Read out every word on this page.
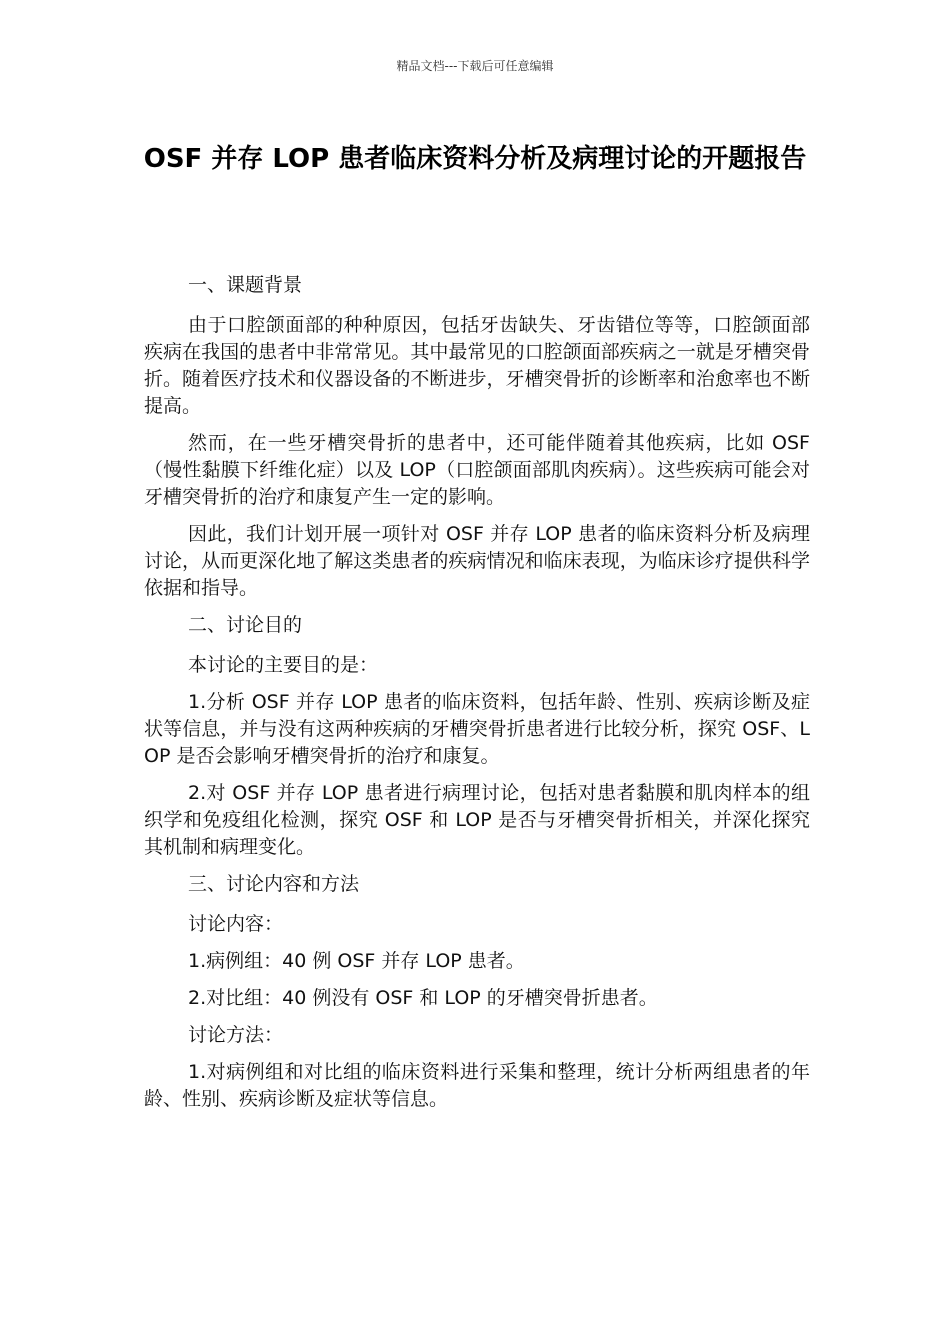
精品文档---下载后可任意编辑
OSF 并存 LOP 患者临床资料分析及病理讨论的开题报告

一、课题背景

由于口腔颌面部的种种原因，包括牙齿缺失、牙齿错位等等，口腔颌面部疾病在我国的患者中非常常见。其中最常见的口腔颌面部疾病之一就是牙槽突骨折。随着医疗技术和仪器设备的不断进步，牙槽突骨折的诊断率和治愈率也不断提高。

然而，在一些牙槽突骨折的患者中，还可能伴随着其他疾病，比如 OSF（慢性黏膜下纤维化症）以及 LOP（口腔颌面部肌肉疾病）。这些疾病可能会对牙槽突骨折的治疗和康复产生一定的影响。

因此，我们计划开展一项针对 OSF 并存 LOP 患者的临床资料分析及病理讨论，从而更深化地了解这类患者的疾病情况和临床表现，为临床诊疗提供科学依据和指导。

二、讨论目的

本讨论的主要目的是：

1.分析 OSF 并存 LOP 患者的临床资料，包括年龄、性别、疾病诊断及症状等信息，并与没有这两种疾病的牙槽突骨折患者进行比较分析，探究 OSF、LOP 是否会影响牙槽突骨折的治疗和康复。

2.对 OSF 并存 LOP 患者进行病理讨论，包括对患者黏膜和肌肉样本的组织学和免疫组化检测，探究 OSF 和 LOP 是否与牙槽突骨折相关，并深化探究其机制和病理变化。

三、讨论内容和方法

讨论内容：

1.病例组：40 例 OSF 并存 LOP 患者。

2.对比组：40 例没有 OSF 和 LOP 的牙槽突骨折患者。

讨论方法：

1.对病例组和对比组的临床资料进行采集和整理，统计分析两组患者的年龄、性别、疾病诊断及症状等信息。
